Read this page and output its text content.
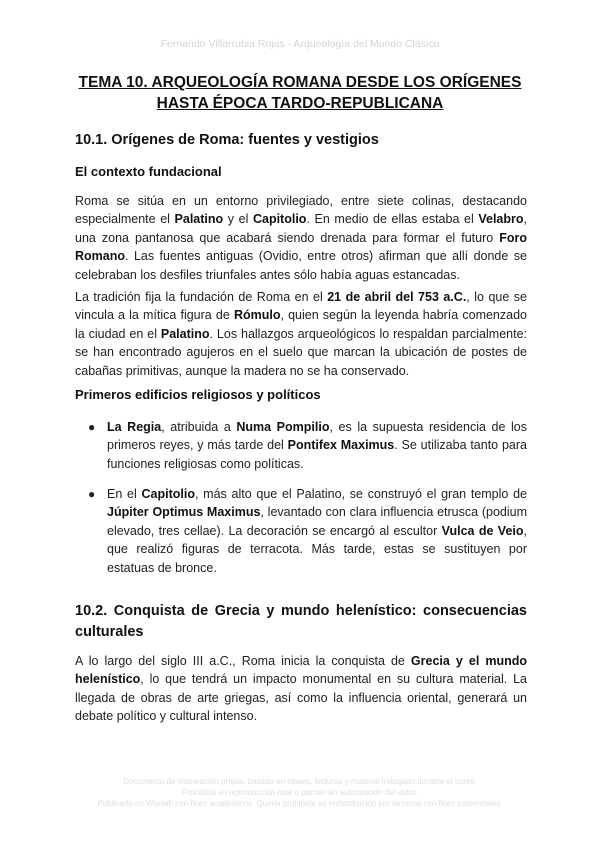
Fernando Villarrubia Rojas - Arqueología del Mundo Clásico
TEMA 10. ARQUEOLOGÍA ROMANA DESDE LOS ORÍGENES
HASTA ÉPOCA TARDO-REPUBLICANA
10.1. Orígenes de Roma: fuentes y vestigios
El contexto fundacional
Roma se sitúa en un entorno privilegiado, entre siete colinas, destacando especialmente el Palatino y el Capitolio. En medio de ellas estaba el Velabro, una zona pantanosa que acabará siendo drenada para formar el futuro Foro Romano. Las fuentes antiguas (Ovidio, entre otros) afirman que allí donde se celebraban los desfiles triunfales antes sólo había aguas estancadas.
La tradición fija la fundación de Roma en el 21 de abril del 753 a.C., lo que se vincula a la mítica figura de Rómulo, quien según la leyenda habría comenzado la ciudad en el Palatino. Los hallazgos arqueológicos lo respaldan parcialmente: se han encontrado agujeros en el suelo que marcan la ubicación de postes de cabañas primitivas, aunque la madera no se ha conservado.
Primeros edificios religiosos y políticos
● La Regia, atribuida a Numa Pompilio, es la supuesta residencia de los primeros reyes, y más tarde del Pontifex Maximus. Se utilizaba tanto para funciones religiosas como políticas.
● En el Capitolio, más alto que el Palatino, se construyó el gran templo de Júpiter Optimus Maximus, levantado con clara influencia etrusca (podium elevado, tres cellae). La decoración se encargó al escultor Vulca de Veio, que realizó figuras de terracota. Más tarde, estas se sustituyen por estatuas de bronce.
10.2. Conquista de Grecia y mundo helenístico: consecuencias culturales
A lo largo del siglo III a.C., Roma inicia la conquista de Grecia y el mundo helenístico, lo que tendrá un impacto monumental en su cultura material. La llegada de obras de arte griegas, así como la influencia oriental, generará un debate político y cultural intenso.
Documento de elaboración propia, basado en clases, lecturas y material trabajado durante el curso.
Prohibida su reproducción total o parcial sin autorización del autor.
Publicado en Wuolah con fines académicos. Queda prohibida su redistribución por terceros con fines comerciales.
